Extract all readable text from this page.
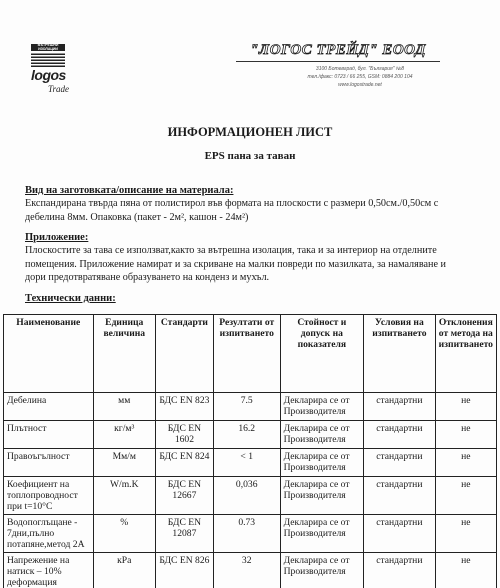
ВЪТРЕШНИ ИЗОЛАЦИИ
logos
Trade
"ЛОГОС ТРЕЙД" ЕООД
3100 Ботевград, бул. "България" №8
тел./факс: 0723 / 66 255, GSM: 0884 200 104
www.logostrade.net
ИНФОРМАЦИОНЕН ЛИСТ
EPS пана за таван
Вид на заготовката/описание на материала:
Експандирана твърда пяна от полистирол във формата на плоскости с размери 0,50см./0,50см с
дебелина 8мм. Опаковка (пакет - 2м², кашон - 24м²)
Приложение:
Плоскостите за тава се използват,както за вътрешна изолация, така и за интериор на отделните
помещения. Приложение намират и за скриване на малки повреди по мазилката, за намаляване и
дори предотвратяване образуването на конденз и мухъл.
Технически данни:
Наименование	Единица величина	Стандарти	Резултати от изпитването	Стойност и допуск на показателя	Условия на изпитването	Отклонения от метода на изпитването
Дебелина	мм	БДС EN 823	7.5	Декларира се от Производителя	стандартни	не
Плътност	кг/м³	БДС EN 1602	16.2	Декларира се от Производителя	стандартни	не
Правоъгълност	Мм/м	БДС EN 824	< 1	Декларира се от Производителя	стандартни	не
Коефициент на топлопроводност при t=10°C	W/m.K	БДС EN 12667	0,036	Декларира се от Производителя	стандартни	не
Водопоглъщане - 7дни,пълно потапяне,метод 2А	%	БДС EN 12087	0.73	Декларира се от Производителя	стандартни	не
Напрежение на натиск – 10% деформация	кРа	БДС EN 826	32	Декларира се от Производителя	стандартни	не
